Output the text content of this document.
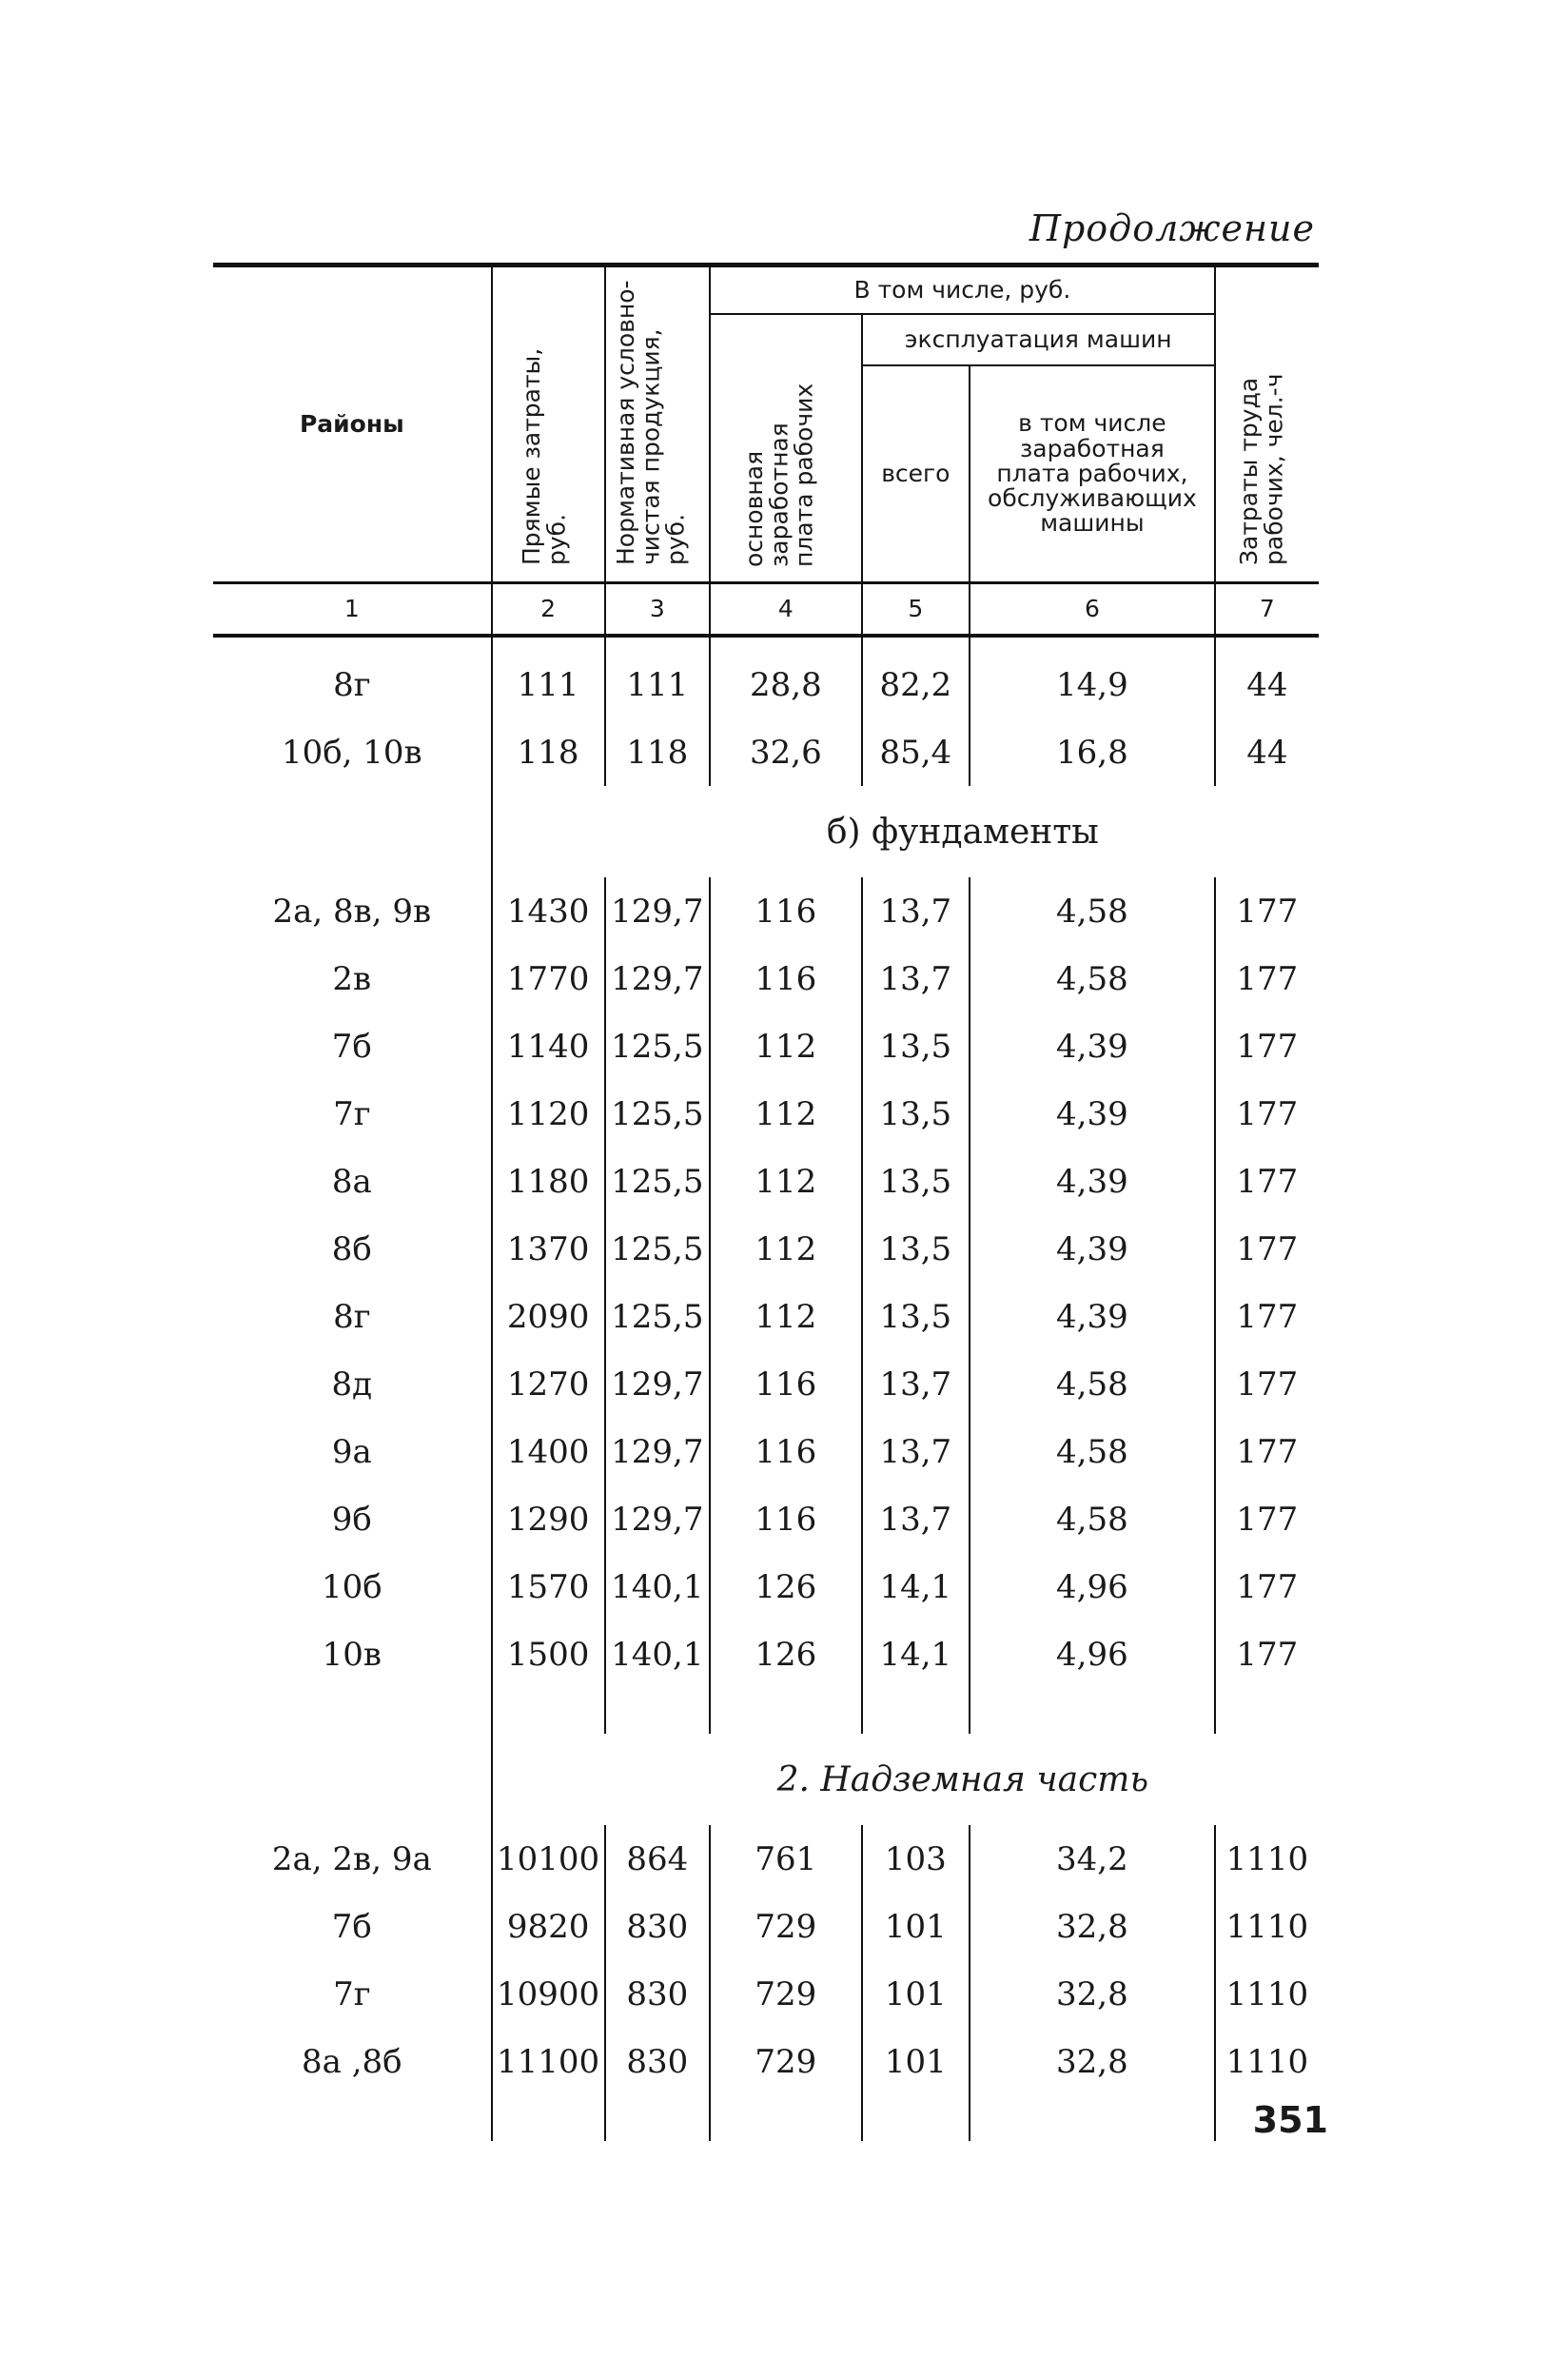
Продолжение
Районы	Прямые затраты, руб.	Нормативная условно-чистая продукция, руб.	В том числе, руб.			Затраты труда рабочих, чел.-ч
			основная заработная плата рабочих	эксплуатация машин		
				всего	в том числе заработная плата рабочих, обслуживающих машины	
1	2	3	4	5	6	7

8г	111	111	28,8	82,2	14,9	44
10б, 10в	118	118	32,6	85,4	16,8	44
	б) фундаменты					
2а, 8в, 9в	1430	129,7	116	13,7	4,58	177
2в	1770	129,7	116	13,7	4,58	177
7б	1140	125,5	112	13,5	4,39	177
7г	1120	125,5	112	13,5	4,39	177
8а	1180	125,5	112	13,5	4,39	177
8б	1370	125,5	112	13,5	4,39	177
8г	2090	125,5	112	13,5	4,39	177
8д	1270	129,7	116	13,7	4,58	177
9а	1400	129,7	116	13,7	4,58	177
9б	1290	129,7	116	13,7	4,58	177
10б	1570	140,1	126	14,1	4,96	177
10в	1500	140,1	126	14,1	4,96	177

	2. Надземная часть					
2а, 2в, 9а	10100	864	761	103	34,2	1110
7б	9820	830	729	101	32,8	1110
7г	10900	830	729	101	32,8	1110
8а ,8б	11100	830	729	101	32,8	1110

351
